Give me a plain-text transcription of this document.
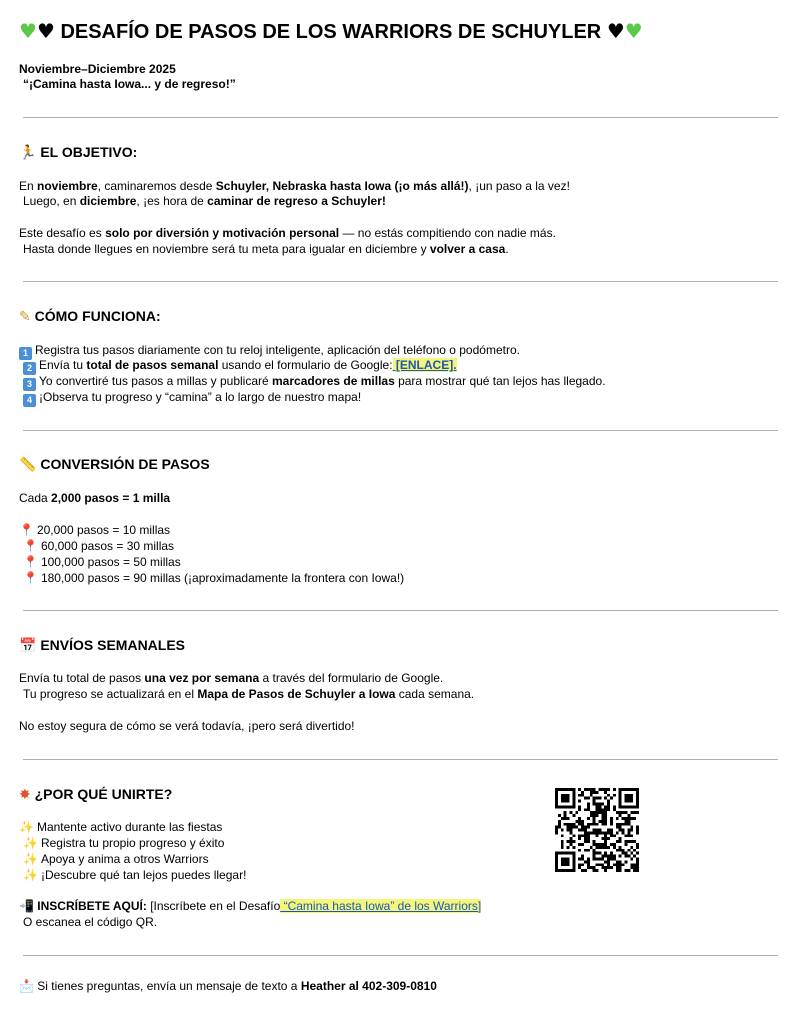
♥♥ DESAFÍO DE PASOS DE LOS WARRIORS DE SCHUYLER ♥♥
Noviembre–Diciembre 2025
“¡Camina hasta Iowa... y de regreso!”
🏃 EL OBJETIVO:
En noviembre, caminaremos desde Schuyler, Nebraska hasta Iowa (¡o más allá!), ¡un paso a la vez!
Luego, en diciembre, ¡es hora de caminar de regreso a Schuyler!
Este desafío es solo por diversión y motivación personal — no estás compitiendo con nadie más.
Hasta donde llegues en noviembre será tu meta para igualar en diciembre y volver a casa.
✎ CÓMO FUNCIONA:
1 Registra tus pasos diariamente con tu reloj inteligente, aplicación del teléfono o podómetro.
2 Envía tu total de pasos semanal usando el formulario de Google: [ENLACE].
3 Yo convertiré tus pasos a millas y publicaré marcadores de millas para mostrar qué tan lejos has llegado.
4 ¡Observa tu progreso y “camina” a lo largo de nuestro mapa!
📏 CONVERSIÓN DE PASOS
Cada 2,000 pasos = 1 milla
📍 20,000 pasos = 10 millas
📍 60,000 pasos = 30 millas
📍 100,000 pasos = 50 millas
📍 180,000 pasos = 90 millas (¡aproximadamente la frontera con Iowa!)
📅 ENVÍOS SEMANALES
Envía tu total de pasos una vez por semana a través del formulario de Google.
Tu progreso se actualizará en el Mapa de Pasos de Schuyler a Iowa cada semana.
No estoy segura de cómo se verá todavía, ¡pero será divertido!
✸ ¿POR QUÉ UNIRTE?
✨ Mantente activo durante las fiestas
✨ Registra tu propio progreso y éxito
✨ Apoya y anima a otros Warriors
✨ ¡Descubre qué tan lejos puedes llegar!
📲 INSCRÍBETE AQUÍ: [Inscríbete en el Desafío “Camina hasta Iowa” de los Warriors]
O escanea el código QR.
📩 Si tienes preguntas, envía un mensaje de texto a Heather al 402-309-0810
